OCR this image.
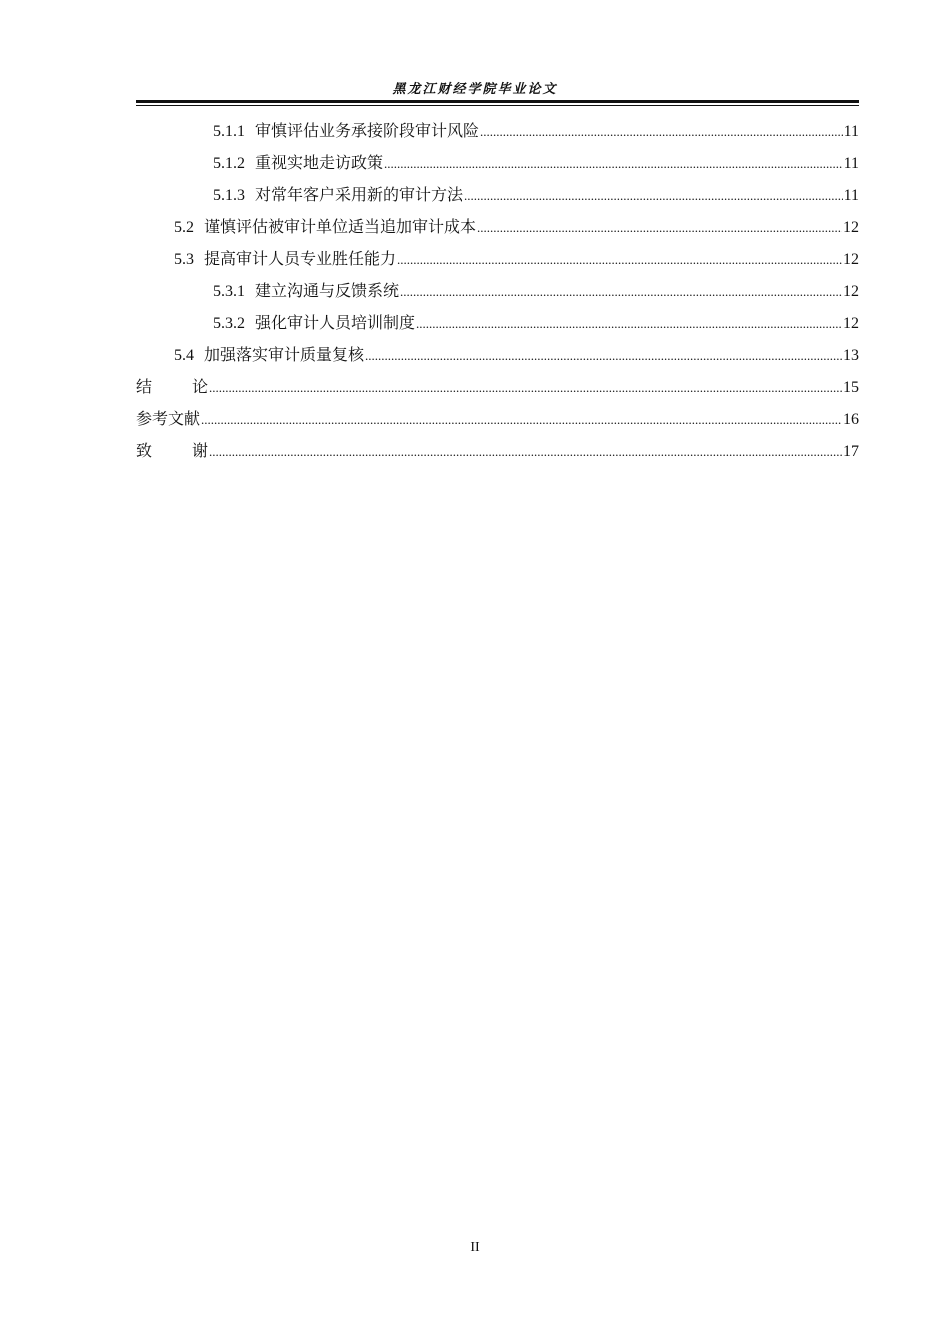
黑龙江财经学院毕业论文
5.1.1 审慎评估业务承接阶段审计风险 .....	11
5.1.2 重视实地走访政策 .....	11
5.1.3 对常年客户采用新的审计方法 .....	11
5.2 谨慎评估被审计单位适当追加审计成本 .....	12
5.3 提高审计人员专业胜任能力 .....	12
5.3.1 建立沟通与反馈系统 .....	12
5.3.2 强化审计人员培训制度 .....	12
5.4 加强落实审计质量复核 .....	13
结论 .....	15
参考文献 .....	16
致谢 .....	17
II
